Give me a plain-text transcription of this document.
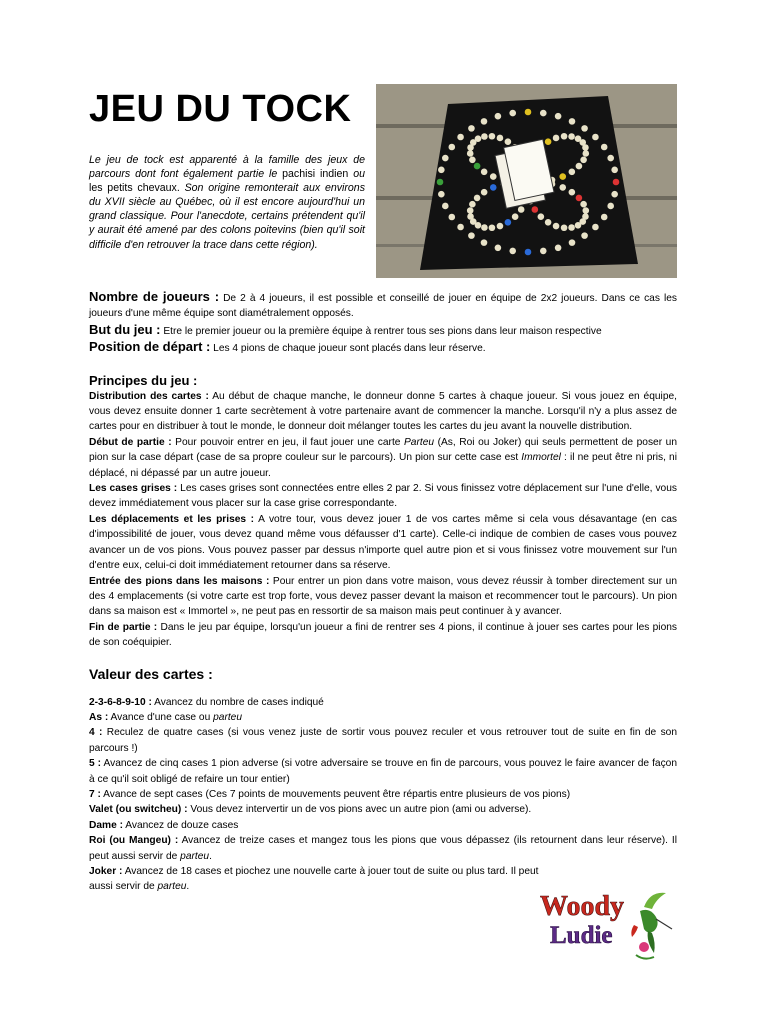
JEU DU TOCK

Le jeu de tock est apparenté à la famille des jeux de parcours dont font également partie le pachisi indien ou les petits chevaux. Son origine remonterait aux environs du XVII siècle au Québec, où il est encore aujourd'hui un grand classique. Pour l'anecdote, certains prétendent qu'il y aurait été amené par des colons poitevins (bien qu'il soit difficile d'en retrouver la trace dans cette région).

Nombre de joueurs : De 2 à 4 joueurs, il est possible et conseillé de jouer en équipe de 2x2 joueurs. Dans ce cas les joueurs d'une même équipe sont diamétralement opposés.

But du jeu : Etre le premier joueur ou la première équipe à rentrer tous ses pions dans leur maison respective

Position de départ : Les 4 pions de chaque joueur sont placés dans leur réserve.

Principes du jeu :

Distribution des cartes : Au début de chaque manche, le donneur donne 5 cartes à chaque joueur. Si vous jouez en équipe, vous devez ensuite donner 1 carte secrètement à votre partenaire avant de commencer la manche. Lorsqu'il n'y a plus assez de cartes pour en distribuer à tout le monde, le donneur doit mélanger toutes les cartes du jeu avant la nouvelle distribution.

Début de partie : Pour pouvoir entrer en jeu, il faut jouer une carte Parteu (As, Roi ou Joker) qui seuls permettent de poser un pion sur la case départ (case de sa propre couleur sur le parcours). Un pion sur cette case est Immortel : il ne peut être ni pris, ni déplacé, ni dépassé par un autre joueur.

Les cases grises : Les cases grises sont connectées entre elles 2 par 2. Si vous finissez votre déplacement sur l'une d'elle, vous devez immédiatement vous placer sur la case grise correspondante.

Les déplacements et les prises : A votre tour, vous devez jouer 1 de vos cartes même si cela vous désavantage (en cas d'impossibilité de jouer, vous devez quand même vous défausser d'1 carte). Celle-ci indique de combien de cases vous pouvez avancer un de vos pions. Vous pouvez passer par dessus n'importe quel autre pion et si vous finissez votre mouvement sur l'un d'entre eux, celui-ci doit immédiatement retourner dans sa réserve.

Entrée des pions dans les maisons : Pour entrer un pion dans votre maison, vous devez réussir à tomber directement sur un des 4 emplacements (si votre carte est trop forte, vous devez passer devant la maison et recommencer tout le parcours). Un pion dans sa maison est « Immortel », ne peut pas en ressortir de sa maison mais peut continuer à y avancer.

Fin de partie : Dans le jeu par équipe, lorsqu'un joueur a fini de rentrer ses 4 pions, il continue à jouer ses cartes pour les pions de son coéquipier.

Valeur des cartes :

2-3-6-8-9-10 : Avancez du nombre de cases indiqué

As : Avance d'une case ou parteu

4 : Reculez de quatre cases (si vous venez juste de sortir vous pouvez reculer et vous retrouver tout de suite en fin de son parcours !)

5 : Avancez de cinq cases 1 pion adverse (si votre adversaire se trouve en fin de parcours, vous pouvez le faire avancer de façon à ce qu'il soit obligé de refaire un tour entier)

7 : Avance de sept cases (Ces 7 points de mouvements peuvent être répartis entre plusieurs de vos pions)

Valet (ou switcheu) : Vous devez intervertir un de vos pions avec un autre pion (ami ou adverse).

Dame : Avancez de douze cases

Roi (ou Mangeu) : Avancez de treize cases et mangez tous les pions que vous dépassez (ils retournent dans leur réserve). Il peut aussi servir de parteu.

Joker : Avancez de 18 cases et piochez une nouvelle carte à jouer tout de suite ou plus tard. Il peut aussi servir de parteu.

Woody
Ludie
